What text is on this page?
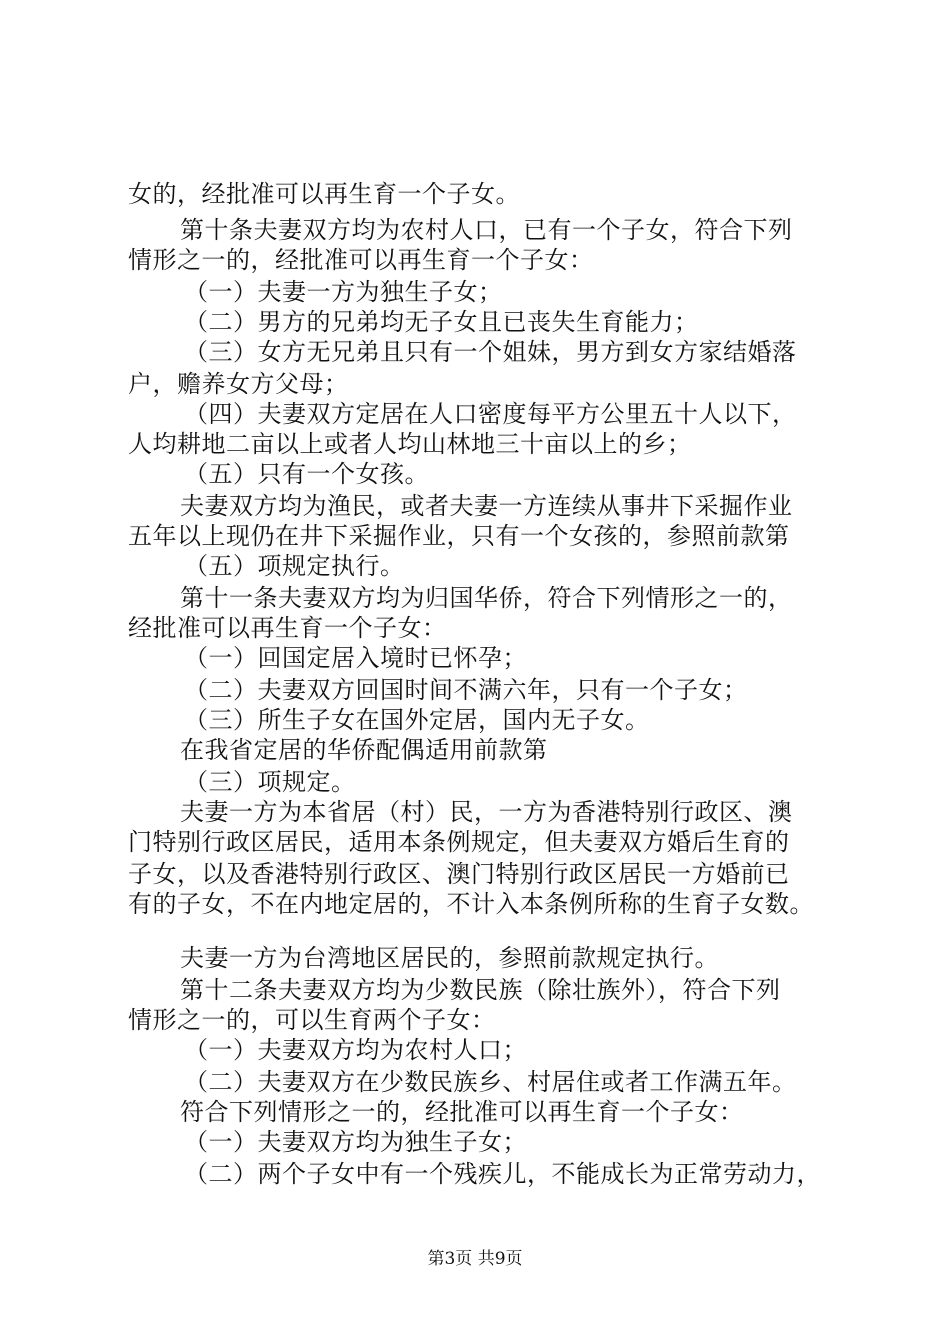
女的，经批准可以再生育一个子女。
第十条夫妻双方均为农村人口，已有一个子女，符合下列
情形之一的，经批准可以再生育一个子女：
（一）夫妻一方为独生子女；
（二）男方的兄弟均无子女且已丧失生育能力；
（三）女方无兄弟且只有一个姐妹，男方到女方家结婚落
户，赡养女方父母；
（四）夫妻双方定居在人口密度每平方公里五十人以下，
人均耕地二亩以上或者人均山林地三十亩以上的乡；
（五）只有一个女孩。
夫妻双方均为渔民，或者夫妻一方连续从事井下采掘作业
五年以上现仍在井下采掘作业，只有一个女孩的，参照前款第
（五）项规定执行。
第十一条夫妻双方均为归国华侨，符合下列情形之一的，
经批准可以再生育一个子女：
（一）回国定居入境时已怀孕；
（二）夫妻双方回国时间不满六年，只有一个子女；
（三）所生子女在国外定居，国内无子女。
在我省定居的华侨配偶适用前款第
（三）项规定。
夫妻一方为本省居（村）民，一方为香港特别行政区、澳
门特别行政区居民，适用本条例规定，但夫妻双方婚后生育的
子女，以及香港特别行政区、澳门特别行政区居民一方婚前已
有的子女，不在内地定居的，不计入本条例所称的生育子女数。
夫妻一方为台湾地区居民的，参照前款规定执行。
第十二条夫妻双方均为少数民族（除壮族外），符合下列
情形之一的，可以生育两个子女：
（一）夫妻双方均为农村人口；
（二）夫妻双方在少数民族乡、村居住或者工作满五年。
符合下列情形之一的，经批准可以再生育一个子女：
（一）夫妻双方均为独生子女；
（二）两个子女中有一个残疾儿，不能成长为正常劳动力，
第3页 共9页
